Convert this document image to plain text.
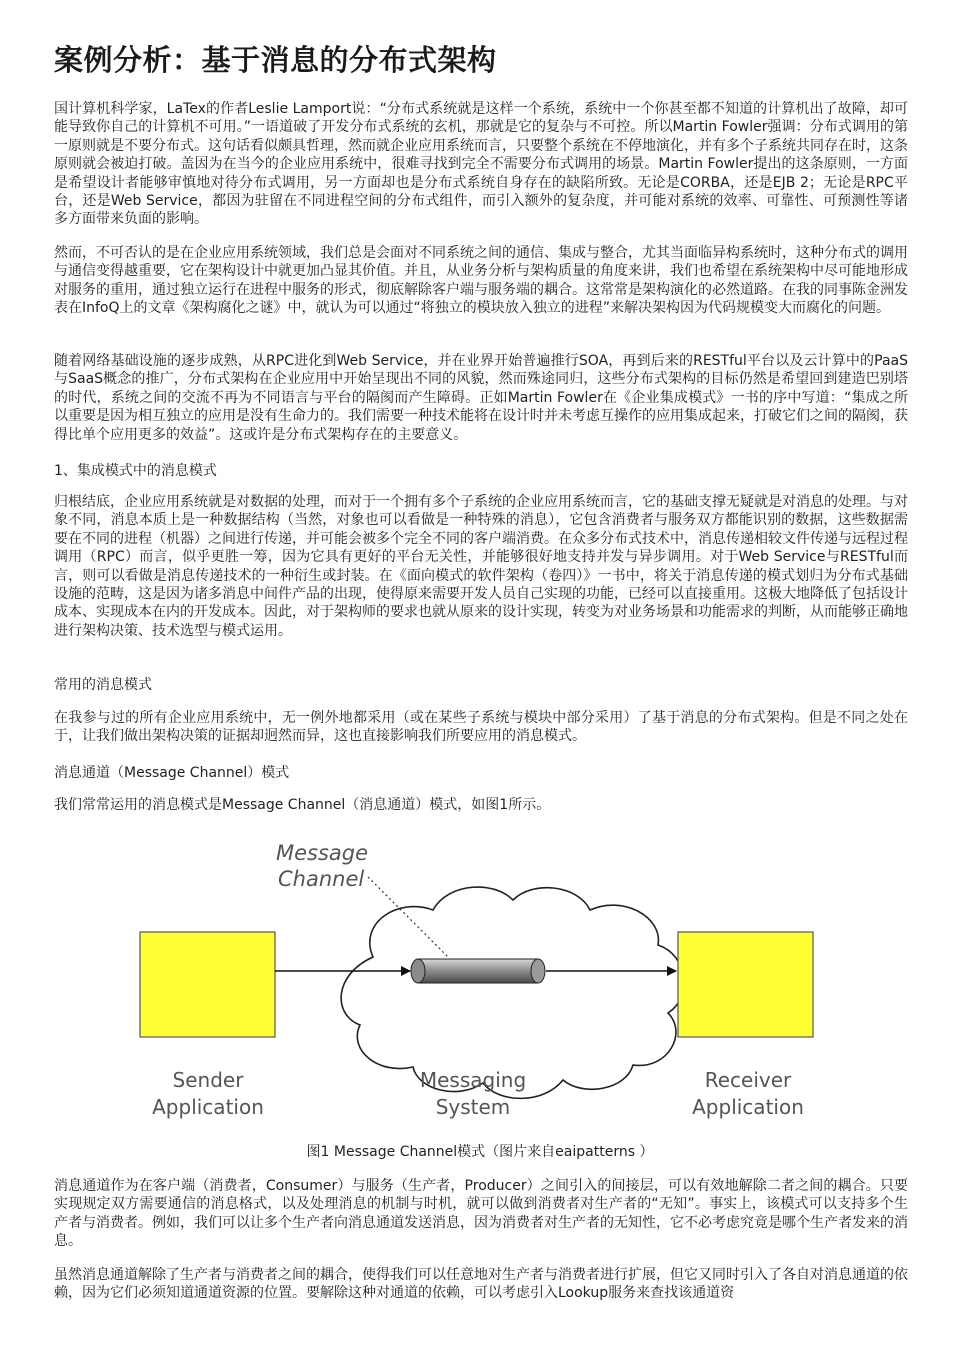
案例分析：基于消息的分布式架构

国计算机科学家，LaTex的作者Leslie Lamport说：“分布式系统就是这样一个系统，系统中一个你甚至都不知道的计算机出了故障，却可能导致你自己的计算机不可用。”一语道破了开发分布式系统的玄机，那就是它的复杂与不可控。所以Martin Fowler强调：分布式调用的第一原则就是不要分布式。这句话看似颇具哲理，然而就企业应用系统而言，只要整个系统在不停地演化，并有多个子系统共同存在时，这条原则就会被迫打破。盖因为在当今的企业应用系统中，很难寻找到完全不需要分布式调用的场景。Martin Fowler提出的这条原则，一方面是希望设计者能够审慎地对待分布式调用，另一方面却也是分布式系统自身存在的缺陷所致。无论是CORBA，还是EJB 2；无论是RPC平台，还是Web Service，都因为驻留在不同进程空间的分布式组件，而引入额外的复杂度，并可能对系统的效率、可靠性、可预测性等诸多方面带来负面的影响。

然而，不可否认的是在企业应用系统领域，我们总是会面对不同系统之间的通信、集成与整合，尤其当面临异构系统时，这种分布式的调用与通信变得越重要，它在架构设计中就更加凸显其价值。并且，从业务分析与架构质量的角度来讲，我们也希望在系统架构中尽可能地形成对服务的重用，通过独立运行在进程中服务的形式，彻底解除客户端与服务端的耦合。这常常是架构演化的必然道路。在我的同事陈金洲发表在InfoQ上的文章《架构腐化之谜》中，就认为可以通过“将独立的模块放入独立的进程”来解决架构因为代码规模变大而腐化的问题。

随着网络基础设施的逐步成熟，从RPC进化到Web Service，并在业界开始普遍推行SOA，再到后来的RESTful平台以及云计算中的PaaS与SaaS概念的推广，分布式架构在企业应用中开始呈现出不同的风貌，然而殊途同归，这些分布式架构的目标仍然是希望回到建造巴别塔的时代，系统之间的交流不再为不同语言与平台的隔阂而产生障碍。正如Martin Fowler在《企业集成模式》一书的序中写道：“集成之所以重要是因为相互独立的应用是没有生命力的。我们需要一种技术能将在设计时并未考虑互操作的应用集成起来，打破它们之间的隔阂，获得比单个应用更多的效益”。这或许是分布式架构存在的主要意义。

1、集成模式中的消息模式

归根结底，企业应用系统就是对数据的处理，而对于一个拥有多个子系统的企业应用系统而言，它的基础支撑无疑就是对消息的处理。与对象不同，消息本质上是一种数据结构（当然，对象也可以看做是一种特殊的消息），它包含消费者与服务双方都能识别的数据，这些数据需要在不同的进程（机器）之间进行传递，并可能会被多个完全不同的客户端消费。在众多分布式技术中，消息传递相较文件传递与远程过程调用（RPC）而言，似乎更胜一筹，因为它具有更好的平台无关性，并能够很好地支持并发与异步调用。对于Web Service与RESTful而言，则可以看做是消息传递技术的一种衍生或封装。在《面向模式的软件架构（卷四）》一书中，将关于消息传递的模式划归为分布式基础设施的范畴，这是因为诸多消息中间件产品的出现，使得原来需要开发人员自己实现的功能，已经可以直接重用。这极大地降低了包括设计成本、实现成本在内的开发成本。因此，对于架构师的要求也就从原来的设计实现，转变为对业务场景和功能需求的判断，从而能够正确地进行架构决策、技术选型与模式运用。

常用的消息模式

在我参与过的所有企业应用系统中，无一例外地都采用（或在某些子系统与模块中部分采用）了基于消息的分布式架构。但是不同之处在于，让我们做出架构决策的证据却迥然而异，这也直接影响我们所要应用的消息模式。

消息通道（Message Channel）模式

我们常常运用的消息模式是Message Channel（消息通道）模式，如图1所示。

Message
Channel
Sender
Application
Messaging
System
Receiver
Application

图1 Message Channel模式（图片来自eaipatterns ）

消息通道作为在客户端（消费者，Consumer）与服务（生产者，Producer）之间引入的间接层，可以有效地解除二者之间的耦合。只要实现规定双方需要通信的消息格式，以及处理消息的机制与时机，就可以做到消费者对生产者的“无知”。事实上，该模式可以支持多个生产者与消费者。例如，我们可以让多个生产者向消息通道发送消息，因为消费者对生产者的无知性，它不必考虑究竟是哪个生产者发来的消息。

虽然消息通道解除了生产者与消费者之间的耦合，使得我们可以任意地对生产者与消费者进行扩展，但它又同时引入了各自对消息通道的依赖，因为它们必须知道通道资源的位置。要解除这种对通道的依赖，可以考虑引入Lookup服务来查找该通道资
